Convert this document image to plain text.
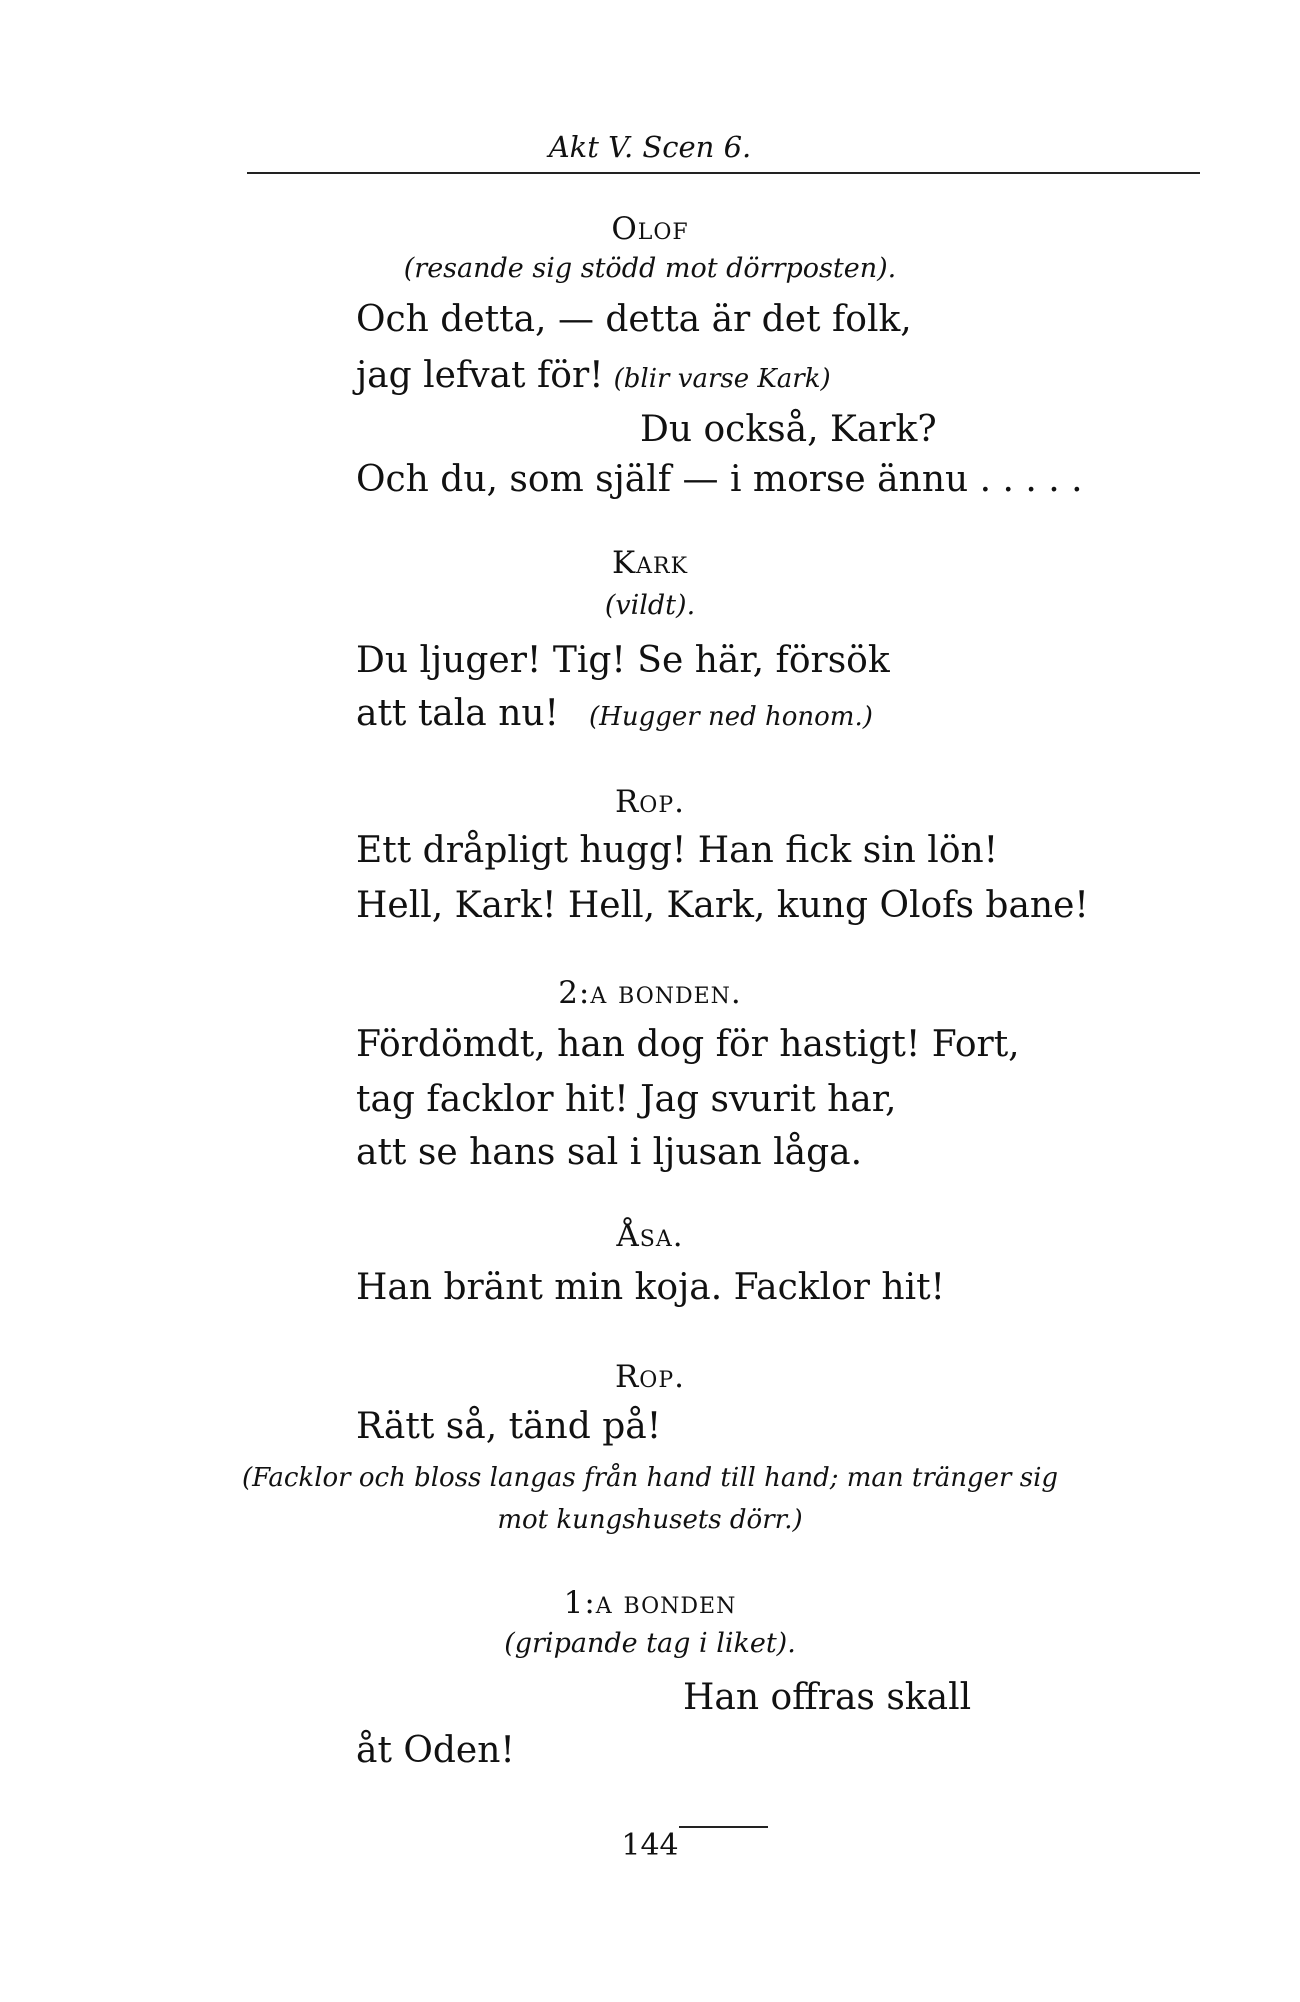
Akt V. Scen 6.
Olof
(resande sig stödd mot dörrposten).
Och detta, — detta är det folk,
jag lefvat för! (blir varse Kark)
Du också, Kark?
Och du, som själf — i morse ännu . . . . .
Kark
(vildt).
Du ljuger! Tig! Se här, försök
att tala nu! (Hugger ned honom.)
Rop.
Ett dråpligt hugg! Han fick sin lön!
Hell, Kark! Hell, Kark, kung Olofs bane!
2:a bonden.
Fördömdt, han dog för hastigt! Fort,
tag facklor hit! Jag svurit har,
att se hans sal i ljusan låga.
Åsa.
Han bränt min koja. Facklor hit!
Rop.
Rätt så, tänd på!
(Facklor och bloss langas från hand till hand; man tränger sig
mot kungshusets dörr.)
1:a bonden
(gripande tag i liket).
Han offras skall
åt Oden!
144
